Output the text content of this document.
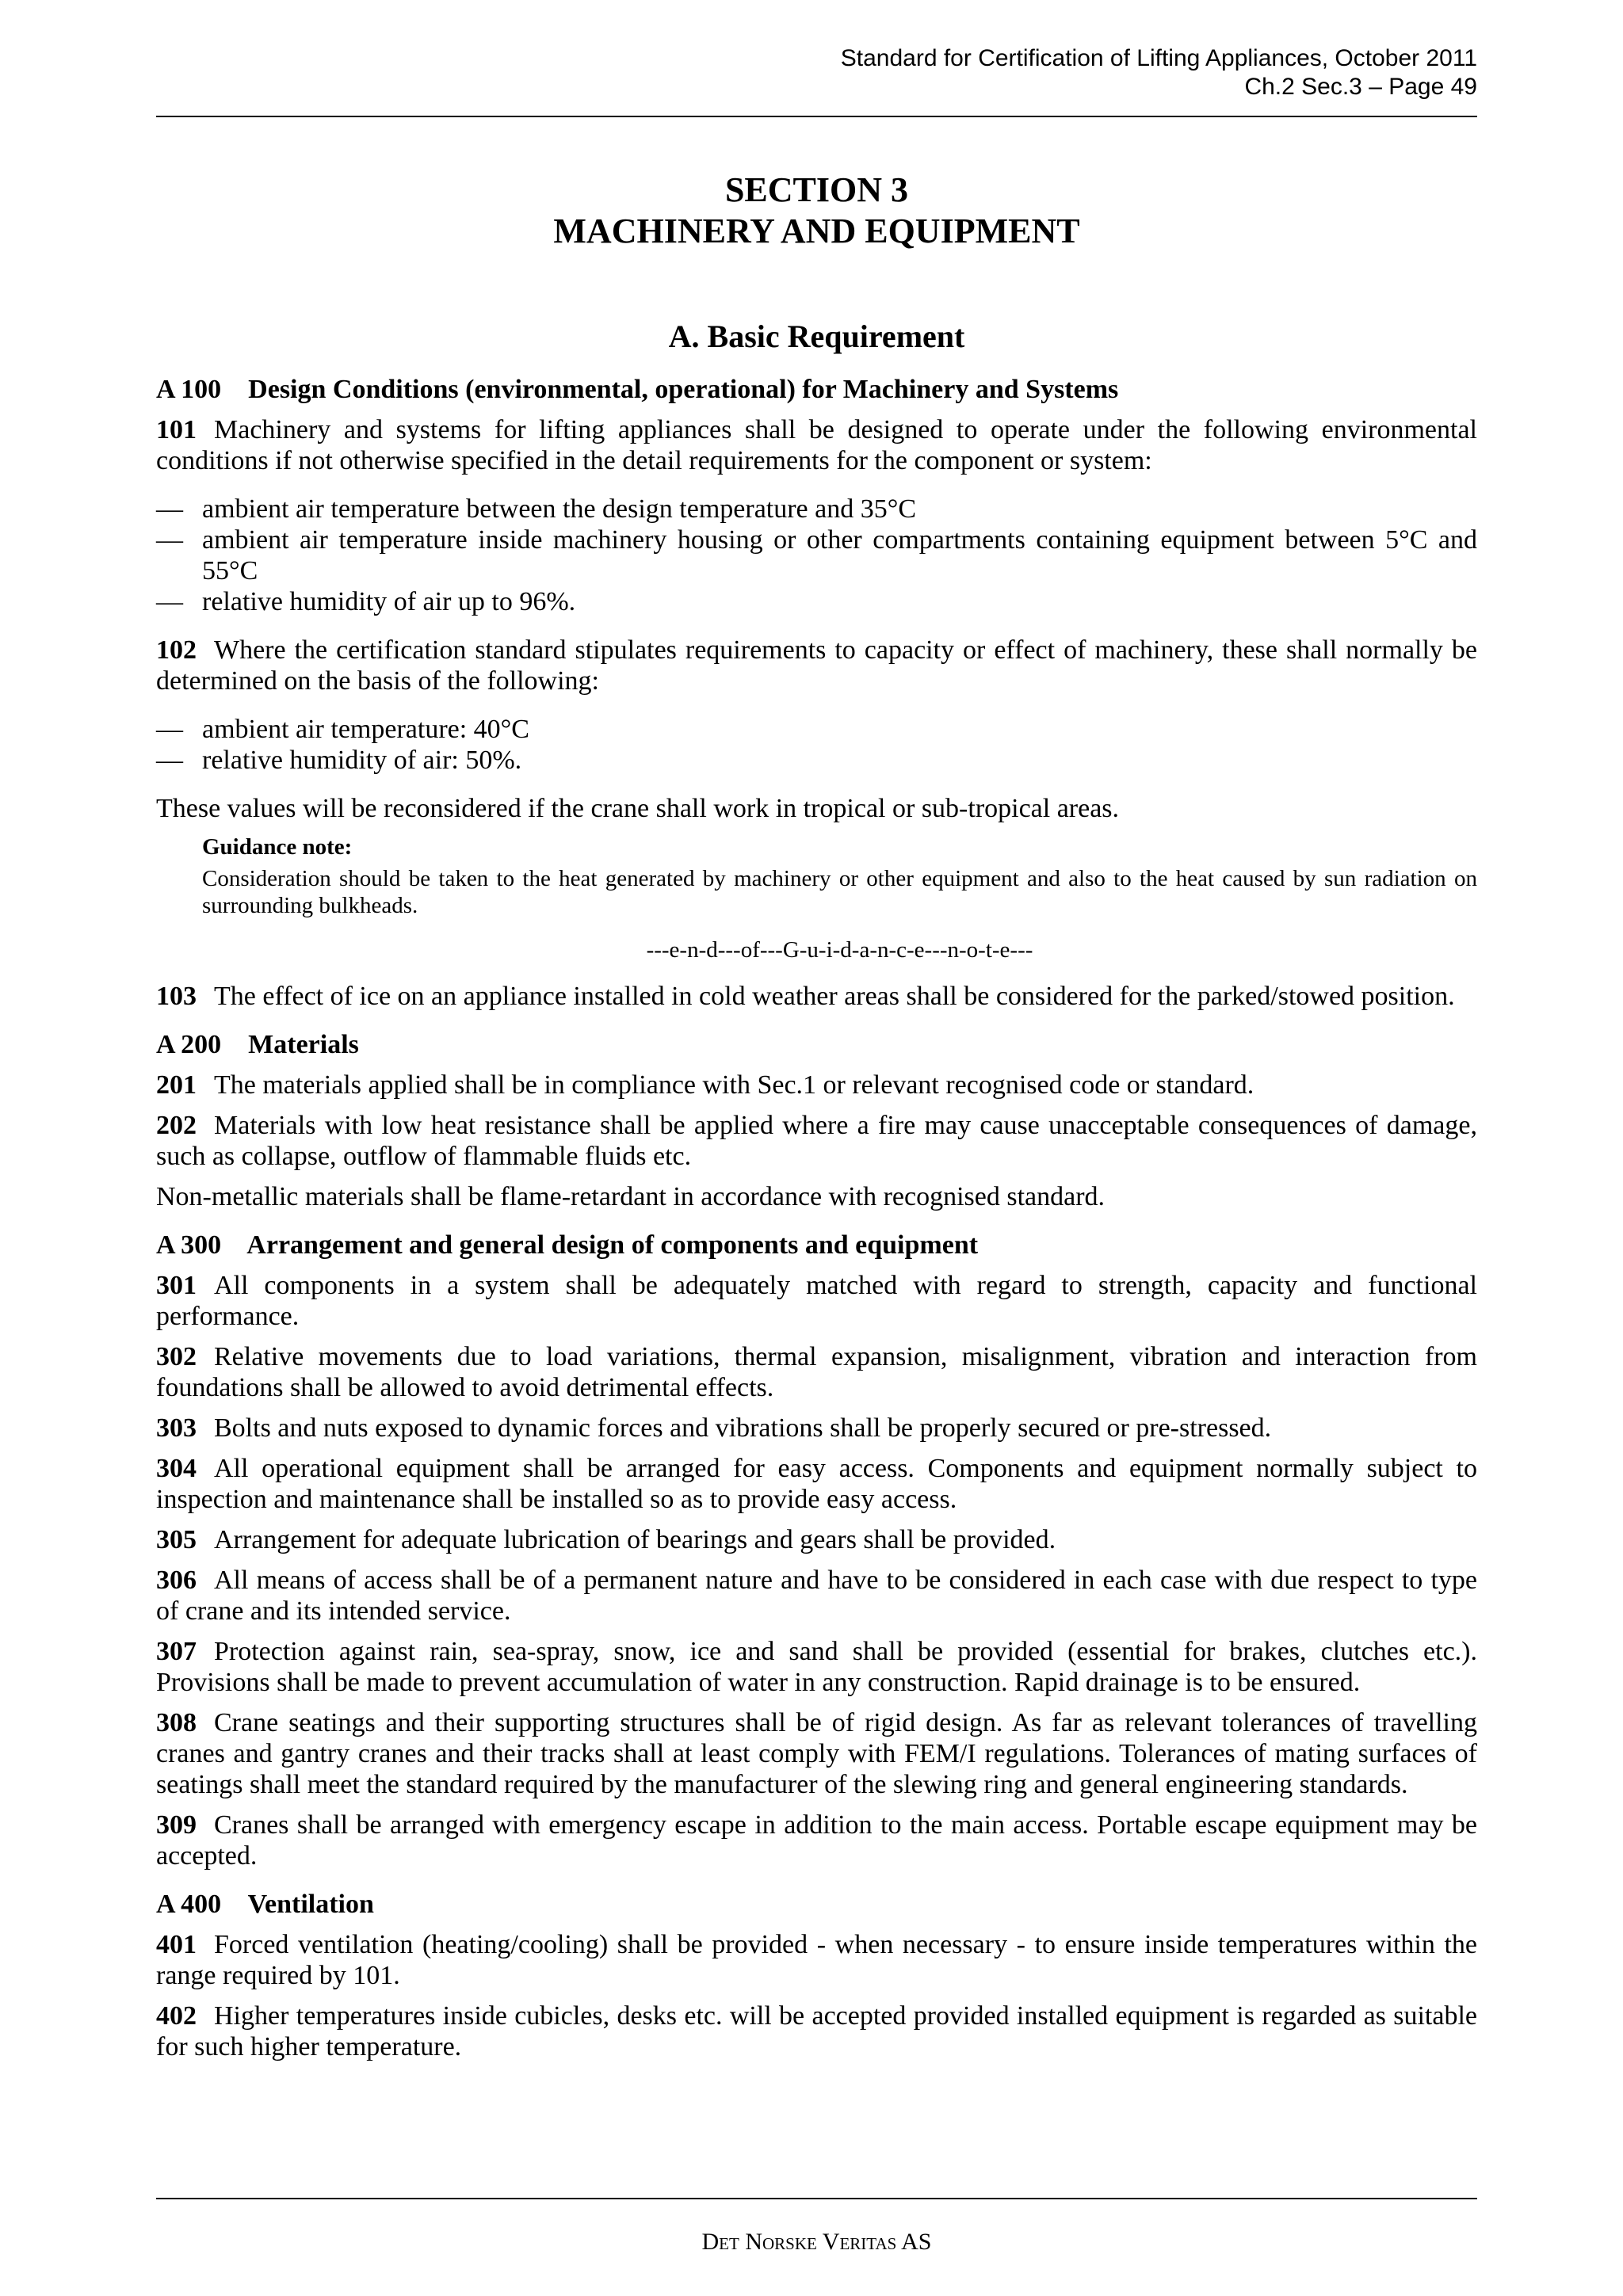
Standard for Certification of Lifting Appliances, October 2011
Ch.2 Sec.3 – Page 49
SECTION 3
MACHINERY AND EQUIPMENT
A. Basic Requirement
A 100    Design Conditions (environmental, operational) for Machinery and Systems
101 Machinery and systems for lifting appliances shall be designed to operate under the following environmental conditions if not otherwise specified in the detail requirements for the component or system:
— ambient air temperature between the design temperature and 35°C
— ambient air temperature inside machinery housing or other compartments containing equipment between 5°C and 55°C
— relative humidity of air up to 96%.
102 Where the certification standard stipulates requirements to capacity or effect of machinery, these shall normally be determined on the basis of the following:
— ambient air temperature: 40°C
— relative humidity of air: 50%.
These values will be reconsidered if the crane shall work in tropical or sub-tropical areas.
Guidance note:
Consideration should be taken to the heat generated by machinery or other equipment and also to the heat caused by sun radiation on surrounding bulkheads.
---e-n-d---of---G-u-i-d-a-n-c-e---n-o-t-e---
103 The effect of ice on an appliance installed in cold weather areas shall be considered for the parked/stowed position.
A 200    Materials
201 The materials applied shall be in compliance with Sec.1 or relevant recognised code or standard.
202 Materials with low heat resistance shall be applied where a fire may cause unacceptable consequences of damage, such as collapse, outflow of flammable fluids etc.
Non-metallic materials shall be flame-retardant in accordance with recognised standard.
A 300    Arrangement and general design of components and equipment
301 All components in a system shall be adequately matched with regard to strength, capacity and functional performance.
302 Relative movements due to load variations, thermal expansion, misalignment, vibration and interaction from foundations shall be allowed to avoid detrimental effects.
303 Bolts and nuts exposed to dynamic forces and vibrations shall be properly secured or pre-stressed.
304 All operational equipment shall be arranged for easy access. Components and equipment normally subject to inspection and maintenance shall be installed so as to provide easy access.
305 Arrangement for adequate lubrication of bearings and gears shall be provided.
306 All means of access shall be of a permanent nature and have to be considered in each case with due respect to type of crane and its intended service.
307 Protection against rain, sea-spray, snow, ice and sand shall be provided (essential for brakes, clutches etc.). Provisions shall be made to prevent accumulation of water in any construction. Rapid drainage is to be ensured.
308 Crane seatings and their supporting structures shall be of rigid design. As far as relevant tolerances of travelling cranes and gantry cranes and their tracks shall at least comply with FEM/I regulations. Tolerances of mating surfaces of seatings shall meet the standard required by the manufacturer of the slewing ring and general engineering standards.
309 Cranes shall be arranged with emergency escape in addition to the main access. Portable escape equipment may be accepted.
A 400    Ventilation
401 Forced ventilation (heating/cooling) shall be provided - when necessary - to ensure inside temperatures within the range required by 101.
402 Higher temperatures inside cubicles, desks etc. will be accepted provided installed equipment is regarded as suitable for such higher temperature.
Det Norske Veritas AS
